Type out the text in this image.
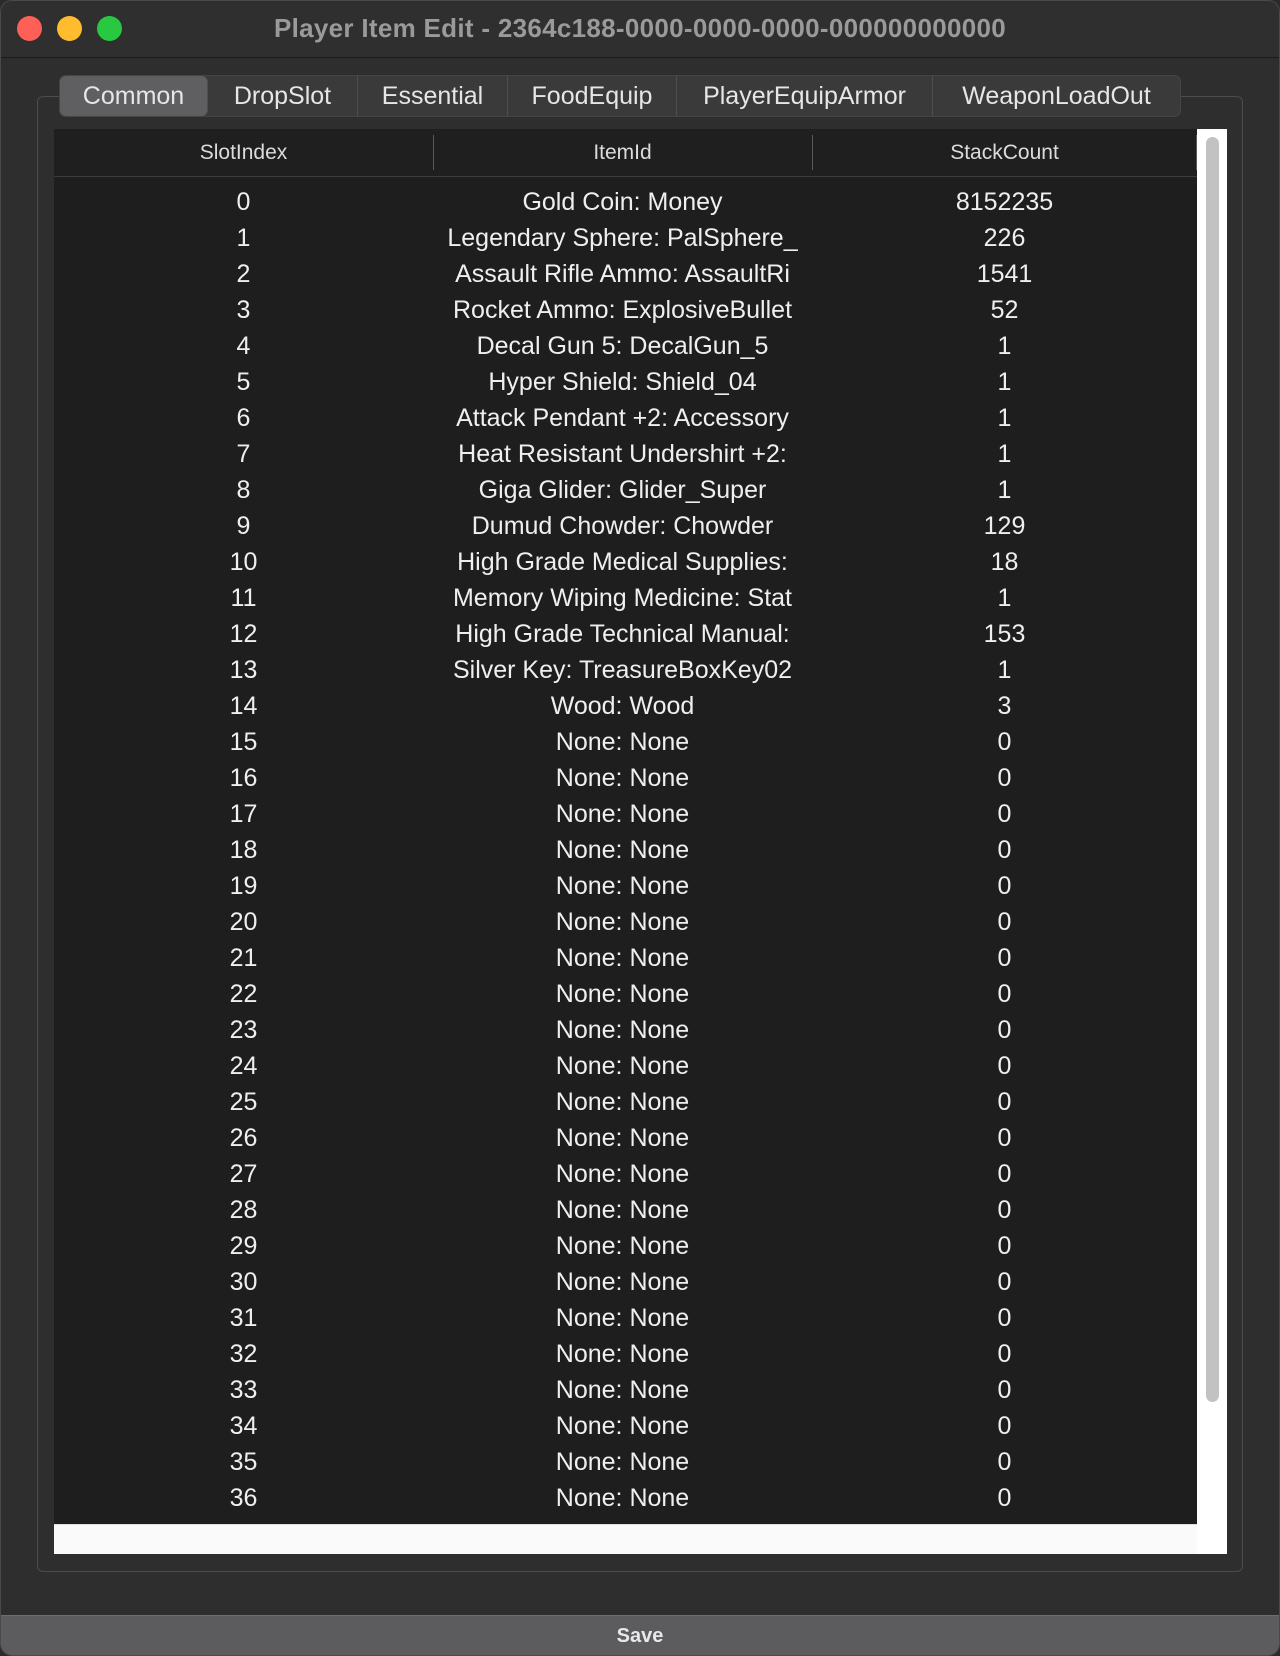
Player Item Edit - 2364c188-0000-0000-0000-000000000000
Common	DropSlot	Essential	FoodEquip	PlayerEquipArmor	WeaponLoadOut
SlotIndex	ItemId	StackCount
0	Gold Coin: Money	8152235
1	Legendary Sphere: PalSphere_	226
2	Assault Rifle Ammo: AssaultRi	1541
3	Rocket Ammo: ExplosiveBullet	52
4	Decal Gun 5: DecalGun_5	1
5	Hyper Shield: Shield_04	1
6	Attack Pendant +2: Accessory	1
7	Heat Resistant Undershirt +2:	1
8	Giga Glider: Glider_Super	1
9	Dumud Chowder: Chowder	129
10	High Grade Medical Supplies:	18
11	Memory Wiping Medicine: Stat	1
12	High Grade Technical Manual:	153
13	Silver Key: TreasureBoxKey02	1
14	Wood: Wood	3
15	None: None	0
16	None: None	0
17	None: None	0
18	None: None	0
19	None: None	0
20	None: None	0
21	None: None	0
22	None: None	0
23	None: None	0
24	None: None	0
25	None: None	0
26	None: None	0
27	None: None	0
28	None: None	0
29	None: None	0
30	None: None	0
31	None: None	0
32	None: None	0
33	None: None	0
34	None: None	0
35	None: None	0
36	None: None	0
Save
